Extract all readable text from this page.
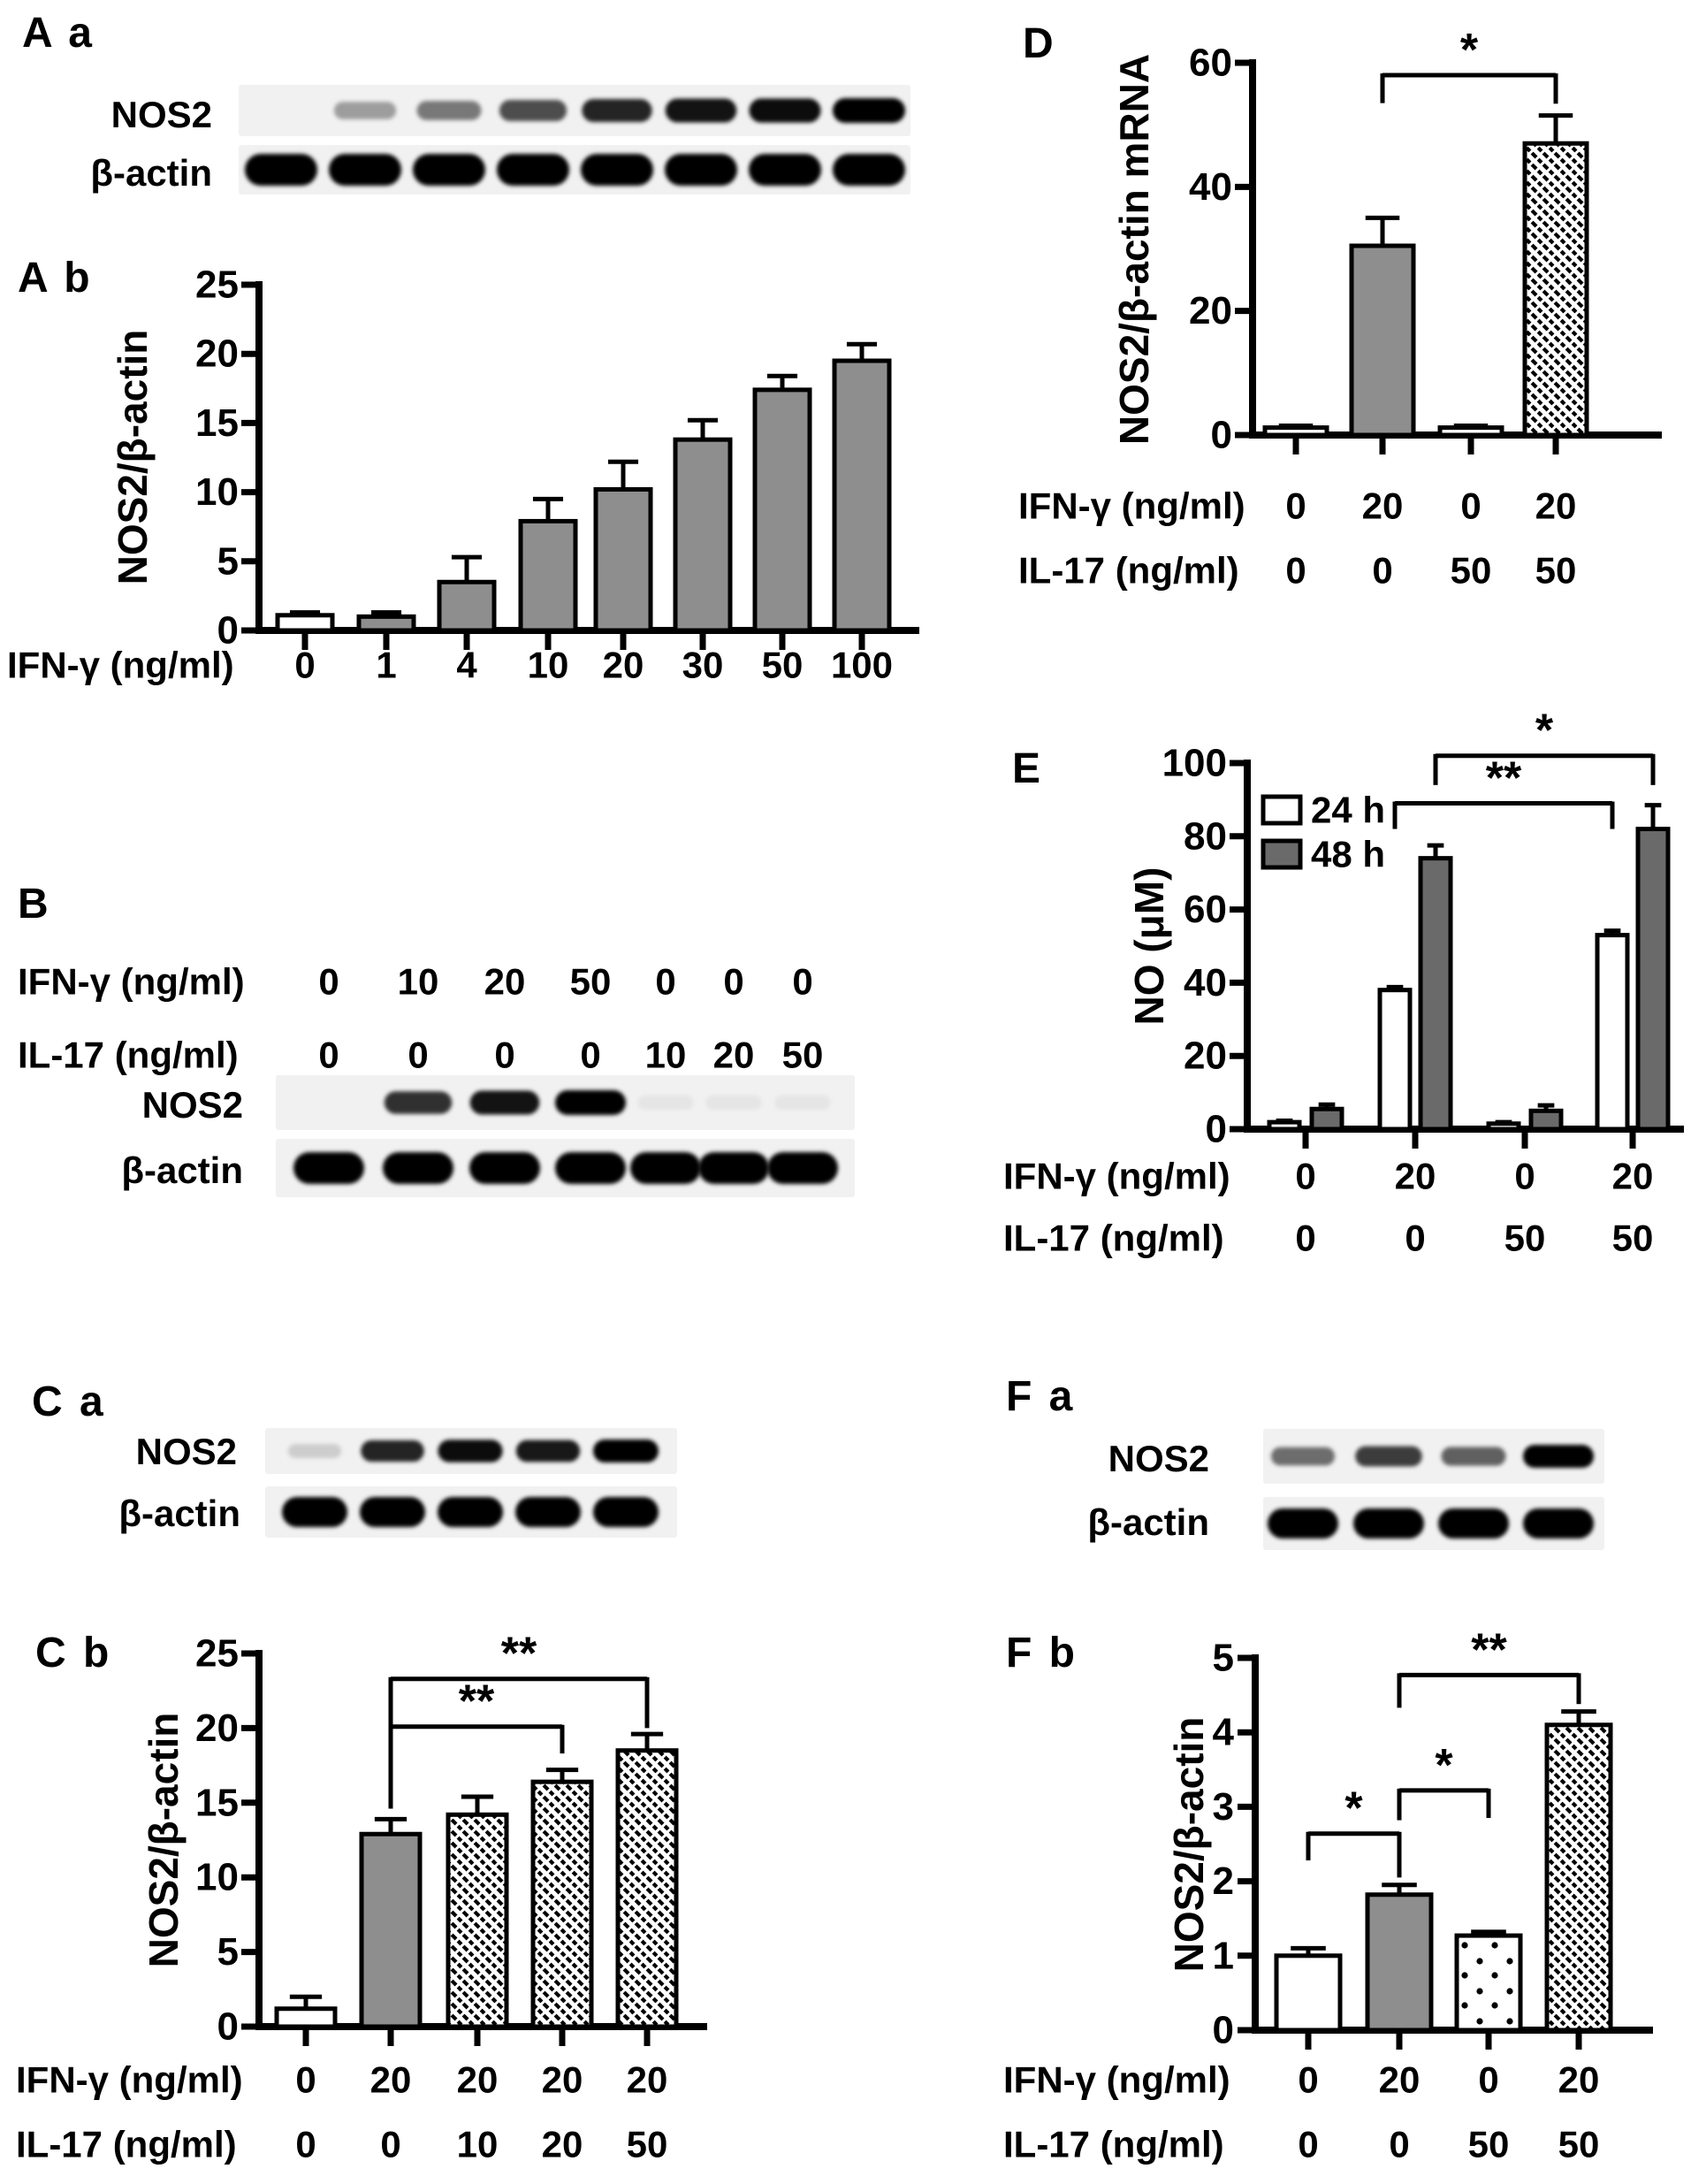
A a
A b
B
C a
C b
D
E
F a
F b
NOS2
β-actin
NOS2
β-actin
NOS2
β-actin
NOS2
β-actin
IFN-γ (ng/ml) 0 10 20 50 0 0 0
IL-17 (ng/ml) 0 0 0 0 10 20 50
0
5
10
15
20
25
IFN-γ (ng/ml) 0 1 4 10 20 30 50 100
NOS2/β-actin
0
5
10
15
20
25
**
**
IFN-γ (ng/ml) 0 20 20 20 20
IL-17 (ng/ml) 0 0 10 20 50
NOS2/β-actin
0
20
40
60	*
IFN-γ (ng/ml) 0 20 0 20
IL-17 (ng/ml) 0 0 50 50
NOS2/β-actin mRNA
0
20
40
60
80
100	**
*
IFN-γ (ng/ml) 0 20 0 20
IL-17 (ng/ml) 0 0 50 50
NO (μM)
24 h
48 h
0
1
2
3
4
5
*
*
**
IFN-γ (ng/ml) 0 20 0 20
IL-17 (ng/ml) 0 0 50 50
NOS2/β-actin
